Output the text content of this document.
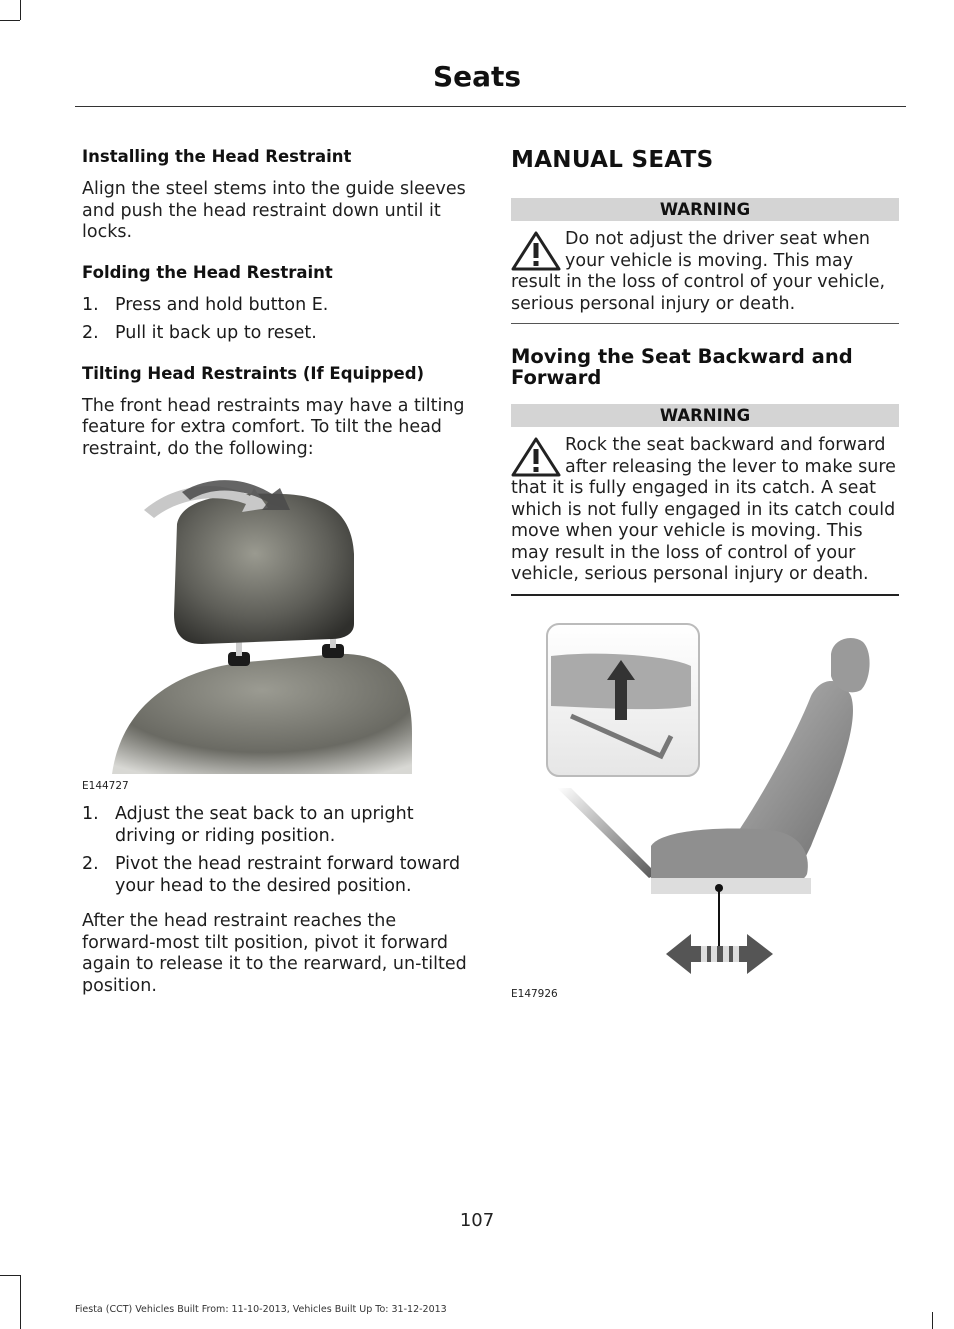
Seats
Installing the Head Restraint

Align the steel stems into the guide sleeves and push the head restraint down until it locks.

Folding the Head Restraint
1. Press and hold button E.
2. Pull it back up to reset.
Tilting Head Restraints (If Equipped)

The front head restraints may have a tilting feature for extra comfort. To tilt the head restraint, do the following:

E144727
1. Adjust the seat back to an upright driving or riding position.
2. Pivot the head restraint forward toward your head to the desired position.

After the head restraint reaches the forward-most tilt position, pivot it forward again to release it to the rearward, un-tilted position.

MANUAL SEATS
WARNING
Do not adjust the driver seat when your vehicle is moving. This may result in the loss of control of your vehicle, serious personal injury or death.
Moving the Seat Backward and Forward
WARNING
Rock the seat backward and forward after releasing the lever to make sure that it is fully engaged in its catch. A seat which is not fully engaged in its catch could move when your vehicle is moving. This may result in the loss of control of your vehicle, serious personal injury or death.
E147926
107
Fiesta (CCT) Vehicles Built From: 11-10-2013, Vehicles Built Up To: 31-12-2013
